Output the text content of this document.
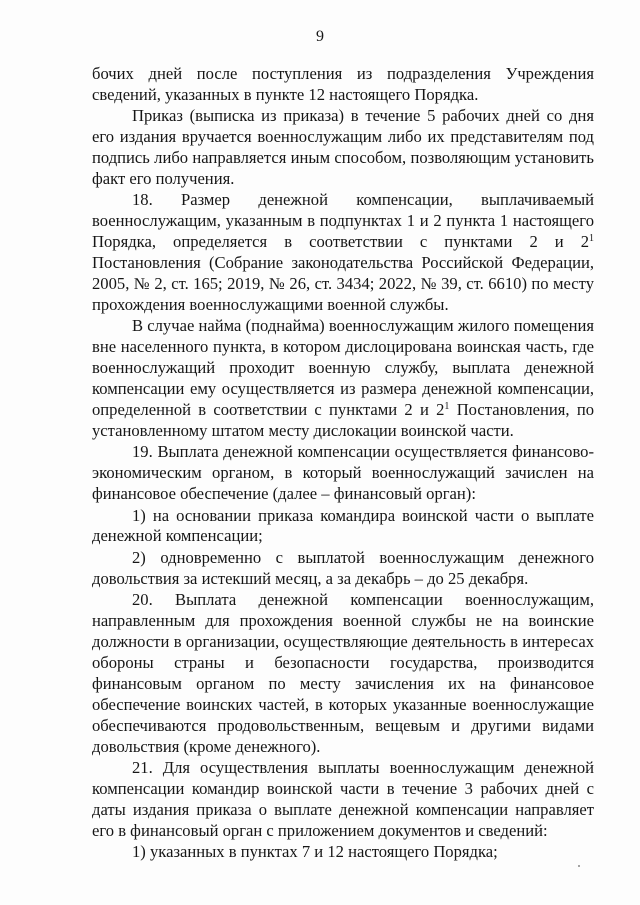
9

бочих дней после поступления из подразделения Учреждения сведений, указанных в пункте 12 настоящего Порядка.

Приказ (выписка из приказа) в течение 5 рабочих дней со дня его издания вручается военнослужащим либо их представителям под подпись либо направляется иным способом, позволяющим установить факт его получения.

18. Размер денежной компенсации, выплачиваемый военнослужащим, указанным в подпунктах 1 и 2 пункта 1 настоящего Порядка, определяется в соответствии с пунктами 2 и $2^1$ Постановления (Собрание законодательства Российской Федерации, 2005, № 2, ст. 165; 2019, № 26, ст. 3434; 2022, № 39, ст. 6610) по месту прохождения военнослужащими военной службы.

В случае найма (поднайма) военнослужащим жилого помещения вне населенного пункта, в котором дислоцирована воинская часть, где военнослужащий проходит военную службу, выплата денежной компенсации ему осуществляется из размера денежной компенсации, определенной в соответствии с пунктами 2 и $2^1$ Постановления, по установленному штатом месту дислокации воинской части.

19. Выплата денежной компенсации осуществляется финансово-экономическим органом, в который военнослужащий зачислен на финансовое обеспечение (далее – финансовый орган):

1) на основании приказа командира воинской части о выплате денежной компенсации;

2) одновременно с выплатой военнослужащим денежного довольствия за истекший месяц, а за декабрь – до 25 декабря.

20. Выплата денежной компенсации военнослужащим, направленным для прохождения военной службы не на воинские должности в организации, осуществляющие деятельность в интересах обороны страны и безопасности государства, производится финансовым органом по месту зачисления их на финансовое обеспечение воинских частей, в которых указанные военнослужащие обеспечиваются продовольственным, вещевым и другими видами довольствия (кроме денежного).

21. Для осуществления выплаты военнослужащим денежной компенсации командир воинской части в течение 3 рабочих дней с даты издания приказа о выплате денежной компенсации направляет его в финансовый орган с приложением документов и сведений:

1) указанных в пунктах 7 и 12 настоящего Порядка;
